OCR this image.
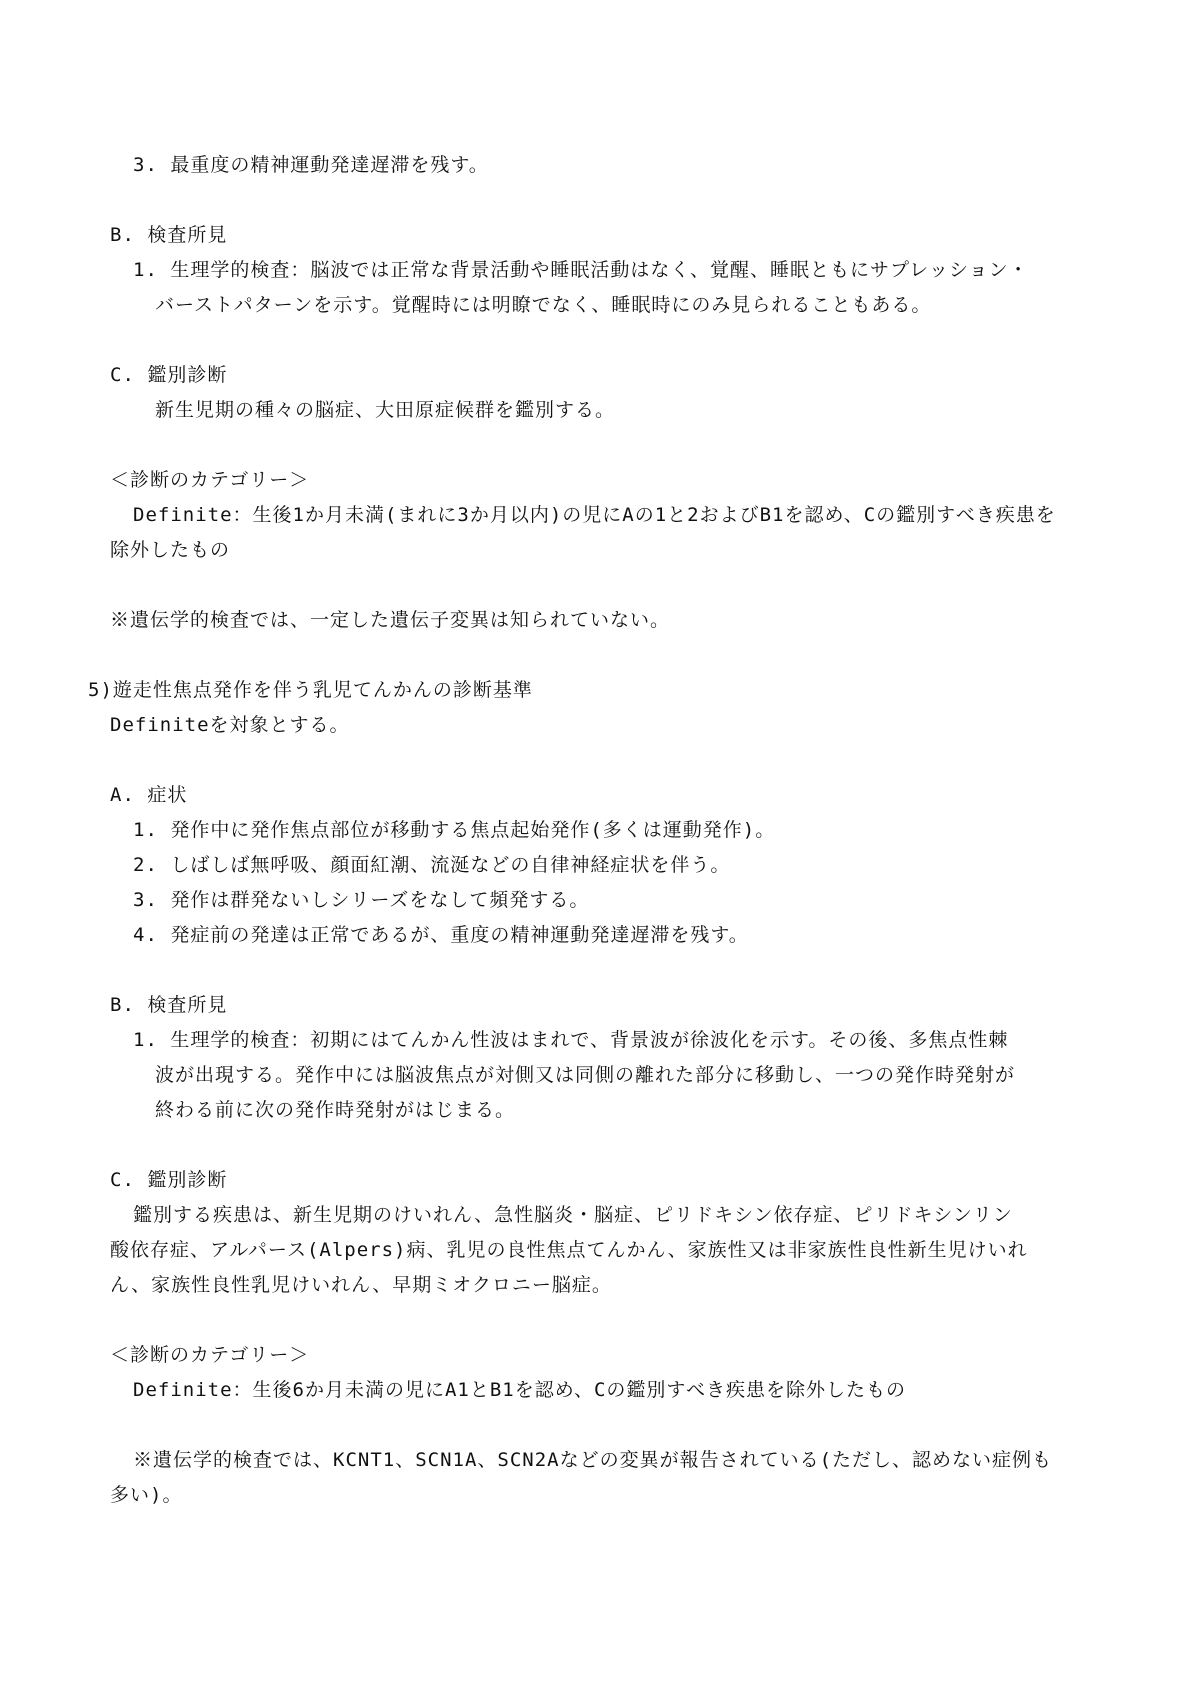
3. 最重度の精神運動発達遅滞を残す。
B. 検査所見
1. 生理学的検査：脳波では正常な背景活動や睡眠活動はなく、覚醒、睡眠ともにサプレッション・
バーストパターンを示す。覚醒時には明瞭でなく、睡眠時にのみ見られることもある。
C. 鑑別診断
新生児期の種々の脳症、大田原症候群を鑑別する。
＜診断のカテゴリー＞
Definite：生後1か月未満(まれに3か月以内)の児にAの1と2およびB1を認め、Cの鑑別すべき疾患を
除外したもの
※遺伝学的検査では、一定した遺伝子変異は知られていない。
5)遊走性焦点発作を伴う乳児てんかんの診断基準
Definiteを対象とする。
A. 症状
1. 発作中に発作焦点部位が移動する焦点起始発作(多くは運動発作)。
2. しばしば無呼吸、顔面紅潮、流涎などの自律神経症状を伴う。
3. 発作は群発ないしシリーズをなして頻発する。
4. 発症前の発達は正常であるが、重度の精神運動発達遅滞を残す。
B. 検査所見
1. 生理学的検査：初期にはてんかん性波はまれで、背景波が徐波化を示す。その後、多焦点性棘
波が出現する。発作中には脳波焦点が対側又は同側の離れた部分に移動し、一つの発作時発射が
終わる前に次の発作時発射がはじまる。
C. 鑑別診断
鑑別する疾患は、新生児期のけいれん、急性脳炎・脳症、ピリドキシン依存症、ピリドキシンリン
酸依存症、アルパース(Alpers)病、乳児の良性焦点てんかん、家族性又は非家族性良性新生児けいれ
ん、家族性良性乳児けいれん、早期ミオクロニー脳症。
＜診断のカテゴリー＞
Definite：生後6か月未満の児にA1とB1を認め、Cの鑑別すべき疾患を除外したもの
※遺伝学的検査では、KCNT1、SCN1A、SCN2Aなどの変異が報告されている(ただし、認めない症例も
多い)。
